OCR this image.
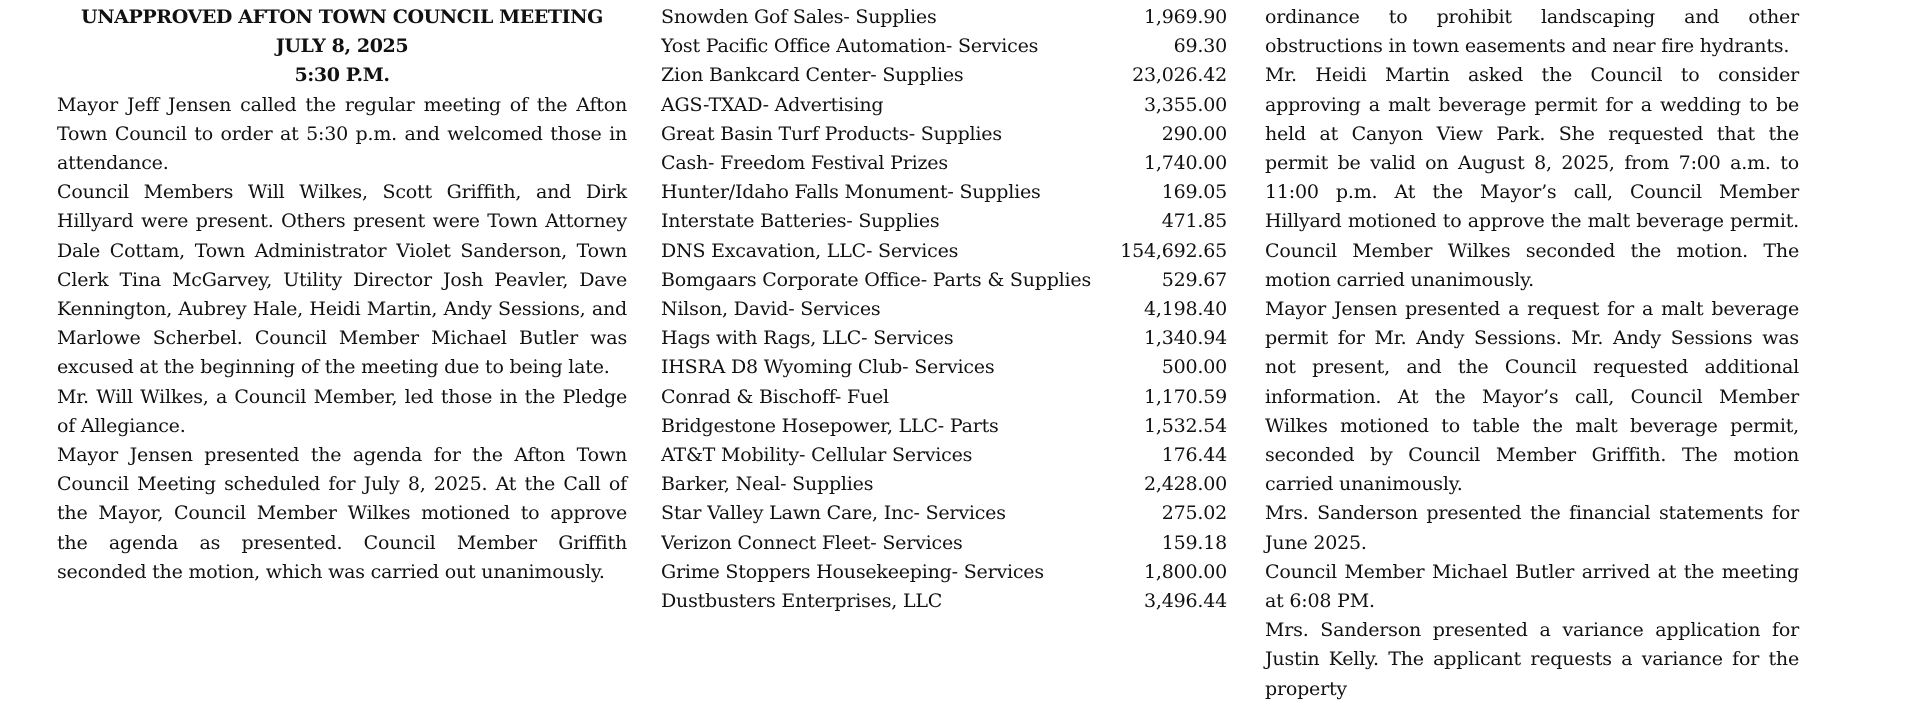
UNAPPROVED AFTON TOWN COUNCIL MEETING
JULY 8, 2025
5:30 P.M.

Mayor Jeff Jensen called the regular meeting of the Afton Town Council to order at 5:30 p.m. and welcomed those in attendance.

Council Members Will Wilkes, Scott Griffith, and Dirk Hillyard were present. Others present were Town Attorney Dale Cottam, Town Administrator Violet Sanderson, Town Clerk Tina McGarvey, Utility Director Josh Peavler, Dave Kennington, Aubrey Hale, Heidi Martin, Andy Sessions, and Marlowe Scherbel. Council Member Michael Butler was excused at the beginning of the meeting due to being late.

Mr. Will Wilkes, a Council Member, led those in the Pledge of Allegiance.

Mayor Jensen presented the agenda for the Afton Town Council Meeting scheduled for July 8, 2025. At the Call of the Mayor, Council Member Wilkes motioned to approve the agenda as presented. Council Member Griffith seconded the motion, which was carried out unanimously.

Snowden Gof Sales- Supplies	1,969.90
Yost Pacific Office Automation- Services	69.30
Zion Bankcard Center- Supplies	23,026.42
AGS-TXAD- Advertising	3,355.00
Great Basin Turf Products- Supplies	290.00
Cash- Freedom Festival Prizes	1,740.00
Hunter/Idaho Falls Monument- Supplies	169.05
Interstate Batteries- Supplies	471.85
DNS Excavation, LLC- Services	154,692.65
Bomgaars Corporate Office- Parts & Supplies	529.67
Nilson, David- Services	4,198.40
Hags with Rags, LLC- Services	1,340.94
IHSRA D8 Wyoming Club- Services	500.00
Conrad & Bischoff- Fuel	1,170.59
Bridgestone Hosepower, LLC- Parts	1,532.54
AT&T Mobility- Cellular Services	176.44
Barker, Neal- Supplies	2,428.00
Star Valley Lawn Care, Inc- Services	275.02
Verizon Connect Fleet- Services	159.18
Grime Stoppers Housekeeping- Services	1,800.00
Dustbusters Enterprises, LLC	3,496.44

ordinance to prohibit landscaping and other obstructions in town easements and near fire hydrants.

Mr. Heidi Martin asked the Council to consider approving a malt beverage permit for a wedding to be held at Canyon View Park. She requested that the permit be valid on August 8, 2025, from 7:00 a.m. to 11:00 p.m. At the Mayor’s call, Council Member Hillyard motioned to approve the malt beverage permit. Council Member Wilkes seconded the motion. The motion carried unanimously.

Mayor Jensen presented a request for a malt beverage permit for Mr. Andy Sessions. Mr. Andy Sessions was not present, and the Council requested additional information. At the Mayor’s call, Council Member Wilkes motioned to table the malt beverage permit, seconded by Council Member Griffith. The motion carried unanimously.

Mrs. Sanderson presented the financial statements for June 2025.

Council Member Michael Butler arrived at the meeting at 6:08 PM.

Mrs. Sanderson presented a variance application for Justin Kelly. The applicant requests a variance for the property
